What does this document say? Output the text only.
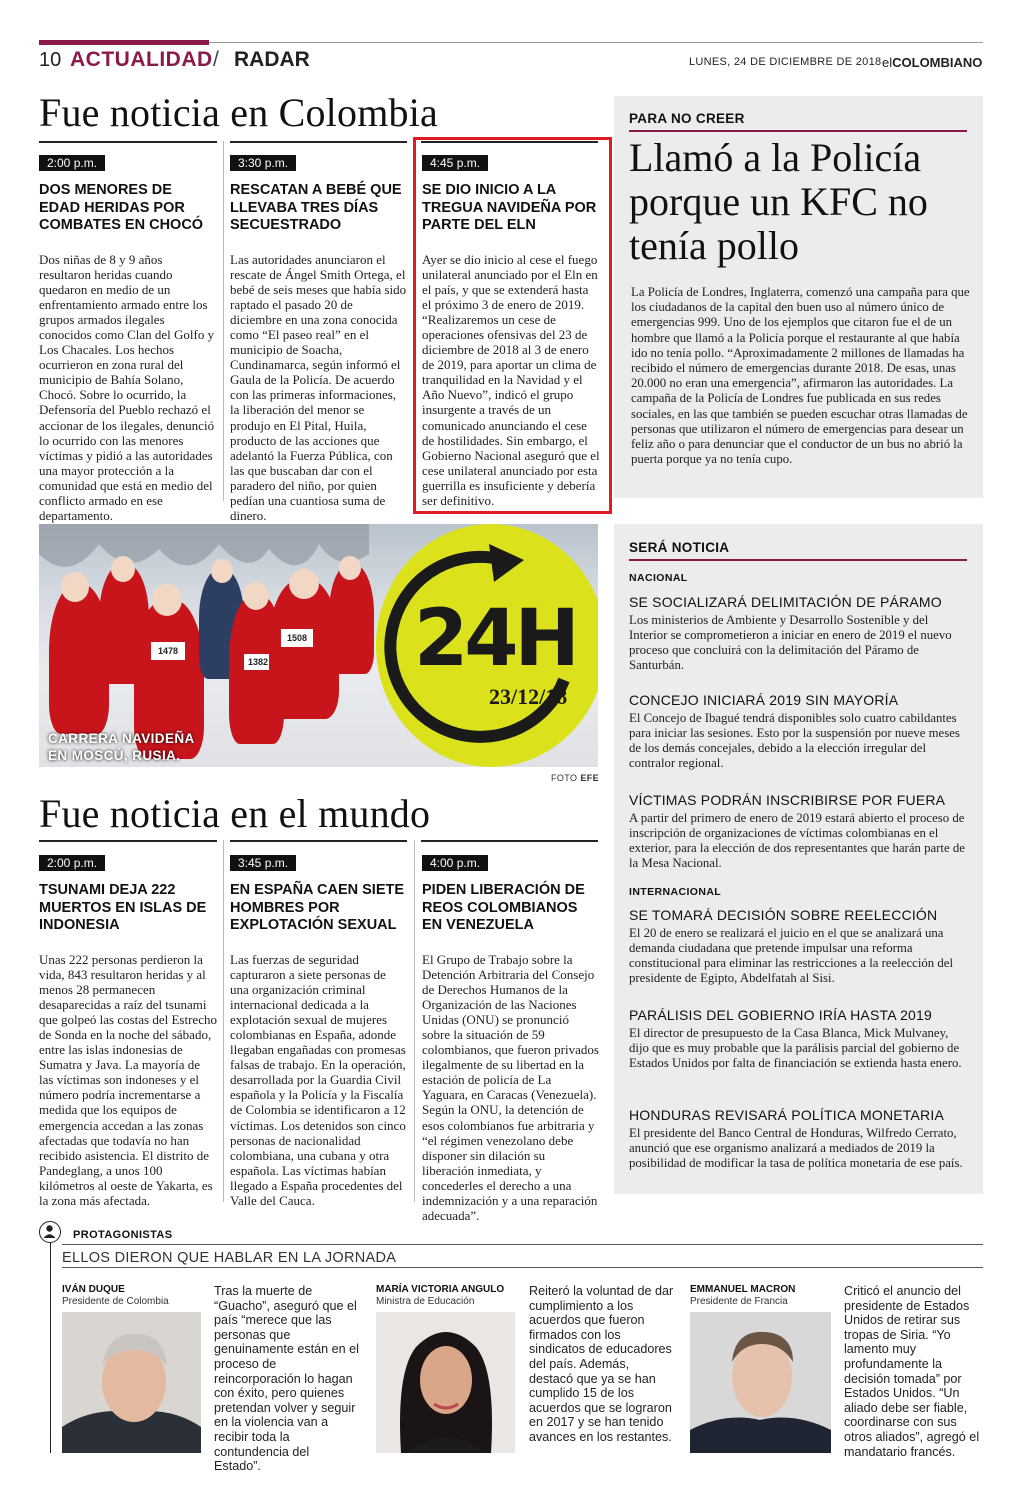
10 ACTUALIDAD / RADAR	LUNES, 24 DE DICIEMBRE DE 2018 elCOLOMBIANO
Fue noticia en Colombia
2:00 p.m.
DOS MENORES DE EDAD HERIDAS POR COMBATES EN CHOCÓ
Dos niñas de 8 y 9 años resultaron heridas cuando quedaron en medio de un enfrentamiento armado entre los grupos armados ilegales conocidos como Clan del Golfo y Los Chacales. Los hechos ocurrieron en zona rural del municipio de Bahía Solano, Chocó. Sobre lo ocurrido, la Defensoría del Pueblo rechazó el accionar de los ilegales, denunció lo ocurrido con las menores víctimas y pidió a las autoridades una mayor protección a la comunidad que está en medio del conflicto armado en ese departamento.
3:30 p.m.
RESCATAN A BEBÉ QUE LLEVABA TRES DÍAS SECUESTRADO
Las autoridades anunciaron el rescate de Ángel Smith Ortega, el bebé de seis meses que había sido raptado el pasado 20 de diciembre en una zona conocida como “El paseo real” en el municipio de Soacha, Cundinamarca, según informó el Gaula de la Policía. De acuerdo con las primeras informaciones, la liberación del menor se produjo en El Pital, Huila, producto de las acciones que adelantó la Fuerza Pública, con las que buscaban dar con el paradero del niño, por quien pedían una cuantiosa suma de dinero.
4:45 p.m.
SE DIO INICIO A LA TREGUA NAVIDEÑA POR PARTE DEL ELN
Ayer se dio inicio al cese el fuego unilateral anunciado por el Eln en el país, y que se extenderá hasta el próximo 3 de enero de 2019. “Realizaremos un cese de operaciones ofensivas del 23 de diciembre de 2018 al 3 de enero de 2019, para aportar un clima de tranquilidad en la Navidad y el Año Nuevo”, indicó el grupo insurgente a través de un comunicado anunciando el cese de hostilidades. Sin embargo, el Gobierno Nacional aseguró que el cese unilateral anunciado por esta guerrilla es insuficiente y debería ser definitivo.
PARA NO CREER
Llamó a la Policía porque un KFC no tenía pollo
La Policía de Londres, Inglaterra, comenzó una campaña para que los ciudadanos de la capital den buen uso al número único de emergencias 999. Uno de los ejemplos que citaron fue el de un hombre que llamó a la Policía porque el restaurante al que había ido no tenía pollo. “Aproximadamente 2 millones de llamadas ha recibido el número de emergencias durante 2018. De esas, unas 20.000 no eran una emergencia”, afirmaron las autoridades. La campaña de la Policía de Londres fue publicada en sus redes sociales, en las que también se pueden escuchar otras llamadas de personas que utilizaron el número de emergencias para desear un feliz año o para denunciar que el conductor de un bus no abrió la puerta porque ya no tenía cupo.
1478
1382
1508 24H
23/12/18
CARRERA NAVIDEÑA
EN MOSCÚ, RUSIA.
FOTO EFE
Fue noticia en el mundo
2:00 p.m.
TSUNAMI DEJA 222 MUERTOS EN ISLAS DE INDONESIA
Unas 222 personas perdieron la vida, 843 resultaron heridas y al menos 28 permanecen desaparecidas a raíz del tsunami que golpeó las costas del Estrecho de Sonda en la noche del sábado, entre las islas indonesias de Sumatra y Java. La mayoría de las víctimas son indoneses y el número podría incrementarse a medida que los equipos de emergencia accedan a las zonas afectadas que todavía no han recibido asistencia. El distrito de Pandeglang, a unos 100 kilómetros al oeste de Yakarta, es la zona más afectada.
3:45 p.m.
EN ESPAÑA CAEN SIETE HOMBRES POR EXPLOTACIÓN SEXUAL
Las fuerzas de seguridad capturaron a siete personas de una organización criminal internacional dedicada a la explotación sexual de mujeres colombianas en España, adonde llegaban engañadas con promesas falsas de trabajo. En la operación, desarrollada por la Guardia Civil española y la Policía y la Fiscalía de Colombia se identificaron a 12 víctimas. Los detenidos son cinco personas de nacionalidad colombiana, una cubana y otra española. Las víctimas habían llegado a España procedentes del Valle del Cauca.
4:00 p.m.
PIDEN LIBERACIÓN DE REOS COLOMBIANOS EN VENEZUELA
El Grupo de Trabajo sobre la Detención Arbitraria del Consejo de Derechos Humanos de la Organización de las Naciones Unidas (ONU) se pronunció sobre la situación de 59 colombianos, que fueron privados ilegalmente de su libertad en la estación de policía de La Yaguara, en Caracas (Venezuela). Según la ONU, la detención de esos colombianos fue arbitraria y “el régimen venezolano debe disponer sin dilación su liberación inmediata, y concederles el derecho a una indemnización y a una reparación adecuada”.
SERÁ NOTICIA
NACIONAL
SE SOCIALIZARÁ DELIMITACIÓN DE PÁRAMO
Los ministerios de Ambiente y Desarrollo Sostenible y del Interior se comprometieron a iniciar en enero de 2019 el nuevo proceso que concluirá con la delimitación del Páramo de Santurbán.
CONCEJO INICIARÁ 2019 SIN MAYORÍA
El Concejo de Ibagué tendrá disponibles solo cuatro cabildantes para iniciar las sesiones. Esto por la suspensión por nueve meses de los demás concejales, debido a la elección irregular del contralor regional.
VÍCTIMAS PODRÁN INSCRIBIRSE POR FUERA
A partir del primero de enero de 2019 estará abierto el proceso de inscripción de organizaciones de víctimas colombianas en el exterior, para la elección de dos representantes que harán parte de la Mesa Nacional.
INTERNACIONAL
SE TOMARÁ DECISIÓN SOBRE REELECCIÓN
El 20 de enero se realizará el juicio en el que se analizará una demanda ciudadana que pretende impulsar una reforma constitucional para eliminar las restricciones a la reelección del presidente de Egipto, Abdelfatah al Sisi.
PARÁLISIS DEL GOBIERNO IRÍA HASTA 2019
El director de presupuesto de la Casa Blanca, Mick Mulvaney, dijo que es muy probable que la parálisis parcial del gobierno de Estados Unidos por falta de financiación se extienda hasta enero.
HONDURAS REVISARÁ POLÍTICA MONETARIA
El presidente del Banco Central de Honduras, Wilfredo Cerrato, anunció que ese organismo analizará a mediados de 2019 la posibilidad de modificar la tasa de política monetaria de ese país.
PROTAGONISTAS
ELLOS DIERON QUE HABLAR EN LA JORNADA
IVÁN DUQUE
Presidente de Colombia
Tras la muerte de “Guacho”, aseguró que el país “merece que las personas que genuinamente están en el proceso de reincorporación lo hagan con éxito, pero quienes pretendan volver y seguir en la violencia van a recibir toda la contundencia del Estado”.
MARÍA VICTORIA ANGULO
Ministra de Educación
Reiteró la voluntad de dar cumplimiento a los acuerdos que fueron firmados con los sindicatos de educadores del país. Además, destacó que ya se han cumplido 15 de los acuerdos que se lograron en 2017 y se han tenido avances en los restantes.
EMMANUEL MACRON
Presidente de Francia
Criticó el anuncio del presidente de Estados Unidos de retirar sus tropas de Siria. “Yo lamento muy profundamente la decisión tomada” por Estados Unidos. “Un aliado debe ser fiable, coordinarse con sus otros aliados”, agregó el mandatario francés.
